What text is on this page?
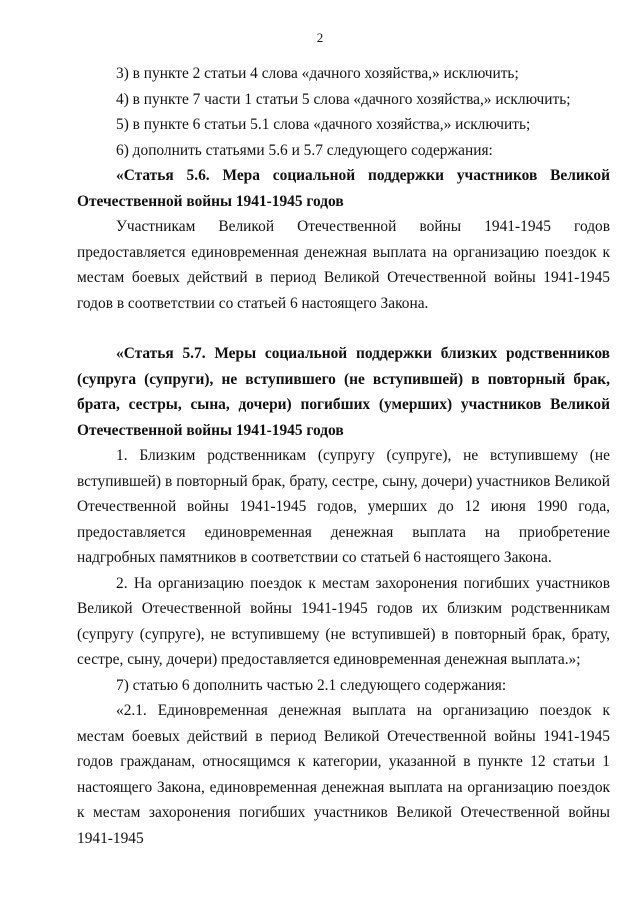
2

3) в пункте 2 статьи 4 слова «дачного хозяйства,» исключить;

4) в пункте 7 части 1 статьи 5 слова «дачного хозяйства,» исключить;

5) в пункте 6 статьи 5.1 слова «дачного хозяйства,» исключить;

6) дополнить статьями 5.6 и 5.7 следующего содержания:

«Статья 5.6. Мера социальной поддержки участников Великой Отечественной войны 1941-1945 годов

Участникам Великой Отечественной войны 1941-1945 годов предоставляется единовременная денежная выплата на организацию поездок к местам боевых действий в период Великой Отечественной войны 1941-1945 годов в соответствии со статьей 6 настоящего Закона.

«Статья 5.7. Меры социальной поддержки близких родственников (супруга (супруги), не вступившего (не вступившей) в повторный брак, брата, сестры, сына, дочери) погибших (умерших) участников Великой Отечественной войны 1941-1945 годов

1. Близким родственникам (супругу (супруге), не вступившему (не вступившей) в повторный брак, брату, сестре, сыну, дочери) участников Великой Отечественной войны 1941-1945 годов, умерших до 12 июня 1990 года, предоставляется единовременная денежная выплата на приобретение надгробных памятников в соответствии со статьей 6 настоящего Закона.

2. На организацию поездок к местам захоронения погибших участников Великой Отечественной войны 1941-1945 годов их близким родственникам (супругу (супруге), не вступившему (не вступившей) в повторный брак, брату, сестре, сыну, дочери) предоставляется единовременная денежная выплата.»;

7) статью 6 дополнить частью 2.1 следующего содержания:

«2.1. Единовременная денежная выплата на организацию поездок к местам боевых действий в период Великой Отечественной войны 1941-1945 годов гражданам, относящимся к категории, указанной в пункте 12 статьи 1 настоящего Закона, единовременная денежная выплата на организацию поездок к местам захоронения погибших участников Великой Отечественной войны 1941-1945
